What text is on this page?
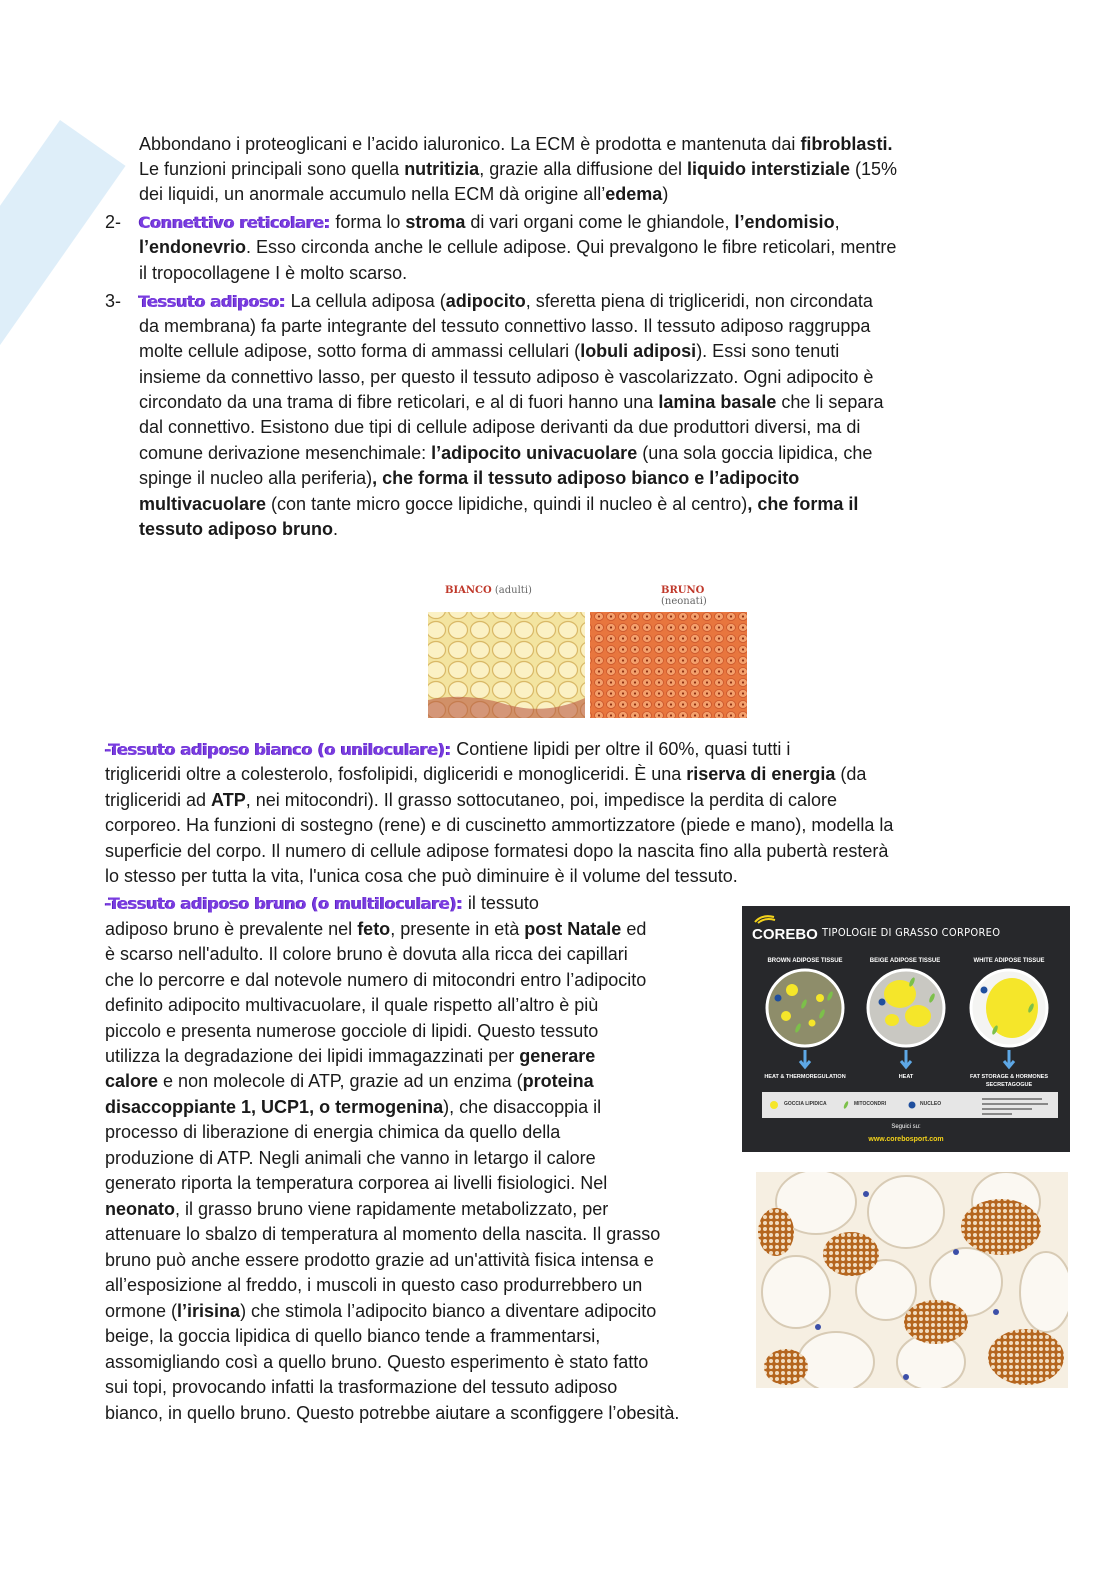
Abbondano i proteoglicani e l’acido ialuronico. La ECM è prodotta e mantenuta dai fibroblasti.
Le funzioni principali sono quella nutritizia, grazie alla diffusione del liquido interstiziale (15%
dei liquidi, un anormale accumulo nella ECM dà origine all’edema)
2- Connettivo reticolare: forma lo stroma di vari organi come le ghiandole, l’endomisio,
l’endonevrio. Esso circonda anche le cellule adipose. Qui prevalgono le fibre reticolari, mentre
il tropocollagene I è molto scarso.
3- Tessuto adiposo: La cellula adiposa (adipocito, sferetta piena di trigliceridi, non circondata
da membrana) fa parte integrante del tessuto connettivo lasso. Il tessuto adiposo raggruppa
molte cellule adipose, sotto forma di ammassi cellulari (lobuli adiposi). Essi sono tenuti
insieme da connettivo lasso, per questo il tessuto adiposo è vascolarizzato. Ogni adipocito è
circondato da una trama di fibre reticolari, e al di fuori hanno una lamina basale che li separa
dal connettivo. Esistono due tipi di cellule adipose derivanti da due produttori diversi, ma di
comune derivazione mesenchimale: l’adipocito univacuolare (una sola goccia lipidica, che
spinge il nucleo alla periferia), che forma il tessuto adiposo bianco e l’adipocito
multivacuolare (con tante micro gocce lipidiche, quindi il nucleo è al centro), che forma il
tessuto adiposo bruno.
BIANCO (adulti)	BRUNO (neonati)
-Tessuto adiposo bianco (o uniloculare): Contiene lipidi per oltre il 60%, quasi tutti i
trigliceridi oltre a colesterolo, fosfolipidi, digliceridi e monogliceridi. È una riserva di energia (da
trigliceridi ad ATP, nei mitocondri). Il grasso sottocutaneo, poi, impedisce la perdita di calore
corporeo. Ha funzioni di sostegno (rene) e di cuscinetto ammortizzatore (piede e mano), modella la
superficie del corpo. Il numero di cellule adipose formatesi dopo la nascita fino alla pubertà resterà
lo stesso per tutta la vita, l'unica cosa che può diminuire è il volume del tessuto.
-Tessuto adiposo bruno (o multiloculare): il tessuto
adiposo bruno è prevalente nel feto, presente in età post Natale ed
è scarso nell'adulto. Il colore bruno è dovuta alla ricca dei capillari
che lo percorre e dal notevole numero di mitocondri entro l’adipocito
definito adipocito multivacuolare, il quale rispetto all’altro è più
piccolo e presenta numerose gocciole di lipidi. Questo tessuto
utilizza la degradazione dei lipidi immagazzinati per generare
calore e non molecole di ATP, grazie ad un enzima (proteina
disaccoppiante 1, UCP1, o termogenina), che disaccoppia il
processo di liberazione di energia chimica da quello della
produzione di ATP. Negli animali che vanno in letargo il calore
generato riporta la temperatura corporea ai livelli fisiologici. Nel
neonato, il grasso bruno viene rapidamente metabolizzato, per
attenuare lo sbalzo di temperatura al momento della nascita. Il grasso
bruno può anche essere prodotto grazie ad un'attività fisica intensa e
all’esposizione al freddo, i muscoli in questo caso produrrebbero un
ormone (l’irisina) che stimola l’adipocito bianco a diventare adipocito
beige, la goccia lipidica di quello bianco tende a frammentarsi,
assomigliando così a quello bruno. Questo esperimento è stato fatto
sui topi, provocando infatti la trasformazione del tessuto adiposo
bianco, in quello bruno. Questo potrebbe aiutare a sconfiggere l’obesità.
COREBO TIPOLOGIE DI GRASSO CORPOREO
BROWN ADIPOSE TISSUE	BEIGE ADIPOSE TISSUE	WHITE ADIPOSE TISSUE
HEAT & THERMOREGULATION	HEAT	FAT STORAGE & HORMONES SECRETAGOGUE
GOCCIA LIPIDICA	MITOCONDRI	NUCLEO
Seguici su:
www.corebosport.com
